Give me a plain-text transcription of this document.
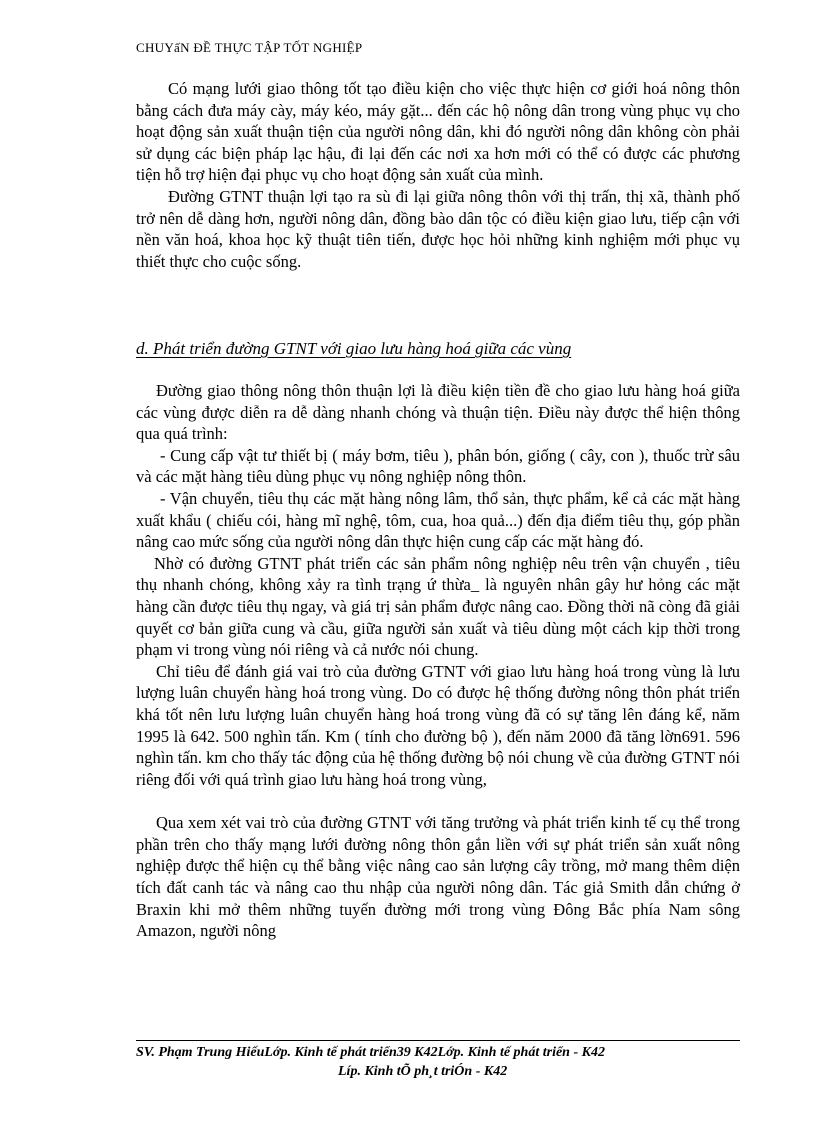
CHUYấN ĐỀ THỰC TẬP TỐT NGHIỆP

Có mạng lưới giao thông tốt tạo điều kiện cho việc thực hiện cơ giới hoá nông thôn bằng cách đưa máy cày, máy kéo, máy gặt... đến các hộ nông dân trong vùng phục vụ cho hoạt động sản xuất thuận tiện của người nông dân, khi đó người nông dân không còn phải sử dụng các biện pháp lạc hậu, đi lại đến các nơi xa hơn mới có thể có được các phương tiện hỗ trợ hiện đại phục vụ cho hoạt động sản xuất của mình.

Đường GTNT thuận lợi tạo ra sù đi lại giữa nông thôn với thị trấn, thị xã, thành phố trở nên dễ dàng hơn, người nông dân, đồng bào dân tộc có điều kiện giao lưu, tiếp cận với nền văn hoá, khoa học kỹ thuật tiên tiến, được học hỏi những kinh nghiệm mới phục vụ thiết thực cho cuộc sống.

d. Phát triển đường GTNT với giao lưu hàng hoá giữa các vùng

Đường giao thông nông thôn thuận lợi là điều kiện tiền đề cho giao lưu hàng hoá giữa các vùng được diễn ra dễ dàng nhanh chóng và thuận tiện. Điều này được thể hiện thông qua quá trình:

- Cung cấp vật tư thiết bị ( máy bơm, tiêu ), phân bón, giống ( cây, con ), thuốc trừ sâu và các mặt hàng tiêu dùng phục vụ nông nghiệp nông thôn.

- Vận chuyển, tiêu thụ các mặt hàng nông lâm, thổ sản, thực phẩm, kể cả các mặt hàng xuất khẩu ( chiếu cói, hàng mĩ nghệ, tôm, cua, hoa quả...) đến địa điểm tiêu thụ, góp phần nâng cao mức sống của người nông dân thực hiện cung cấp các mặt hàng đó.

Nhờ có đường GTNT phát triển các sản phẩm nông nghiệp nêu trên vận chuyển , tiêu thụ nhanh chóng, không xảy ra tình trạng ứ thừa_ là nguyên nhân gây hư hỏng các mặt hàng cần được tiêu thụ ngay, và giá trị sản phẩm được nâng cao. Đồng thời nã còng đã giải quyết cơ bản giữa cung và cầu, giữa người sản xuất và tiêu dùng một cách kịp thời trong phạm vi trong vùng nói riêng và cả nước nói chung.

Chỉ tiêu để đánh giá vai trò của đường GTNT với giao lưu hàng hoá trong vùng là lưu lượng luân chuyển hàng hoá trong vùng. Do có được hệ thống đường nông thôn phát triển khá tốt nên lưu lượng luân chuyển hàng hoá trong vùng đã có sự tăng lên đáng kể, năm 1995 là 642. 500 nghìn tấn. Km ( tính cho đường bộ ), đến năm 2000 đã tăng lờn691. 596 nghìn tấn. km cho thấy tác động của hệ thống đường bộ nói chung về của đường GTNT nói riêng đối với quá trình giao lưu hàng hoá trong vùng,

Qua xem xét vai trò của đường GTNT với tăng trưởng và phát triển kinh tế cụ thể trong phần trên cho thấy mạng lưới đường nông thôn gắn liền với sự phát triển sản xuất nông nghiệp được thể hiện cụ thể bằng việc nâng cao sản lượng cây trồng, mở mang thêm diện tích đất canh tác và nâng cao thu nhập của người nông dân. Tác giả Smith dẫn chứng ở Braxin khi mở thêm những tuyến đường mới trong vùng Đông Bắc phía Nam sông Amazon, người nông

SV. Phạm Trung HiếuLớp. Kinh tế phát triển39 K42Lớp. Kinh tế phát triển - K42
Líp. Kinh tÕ ph¸t triÓn - K42
